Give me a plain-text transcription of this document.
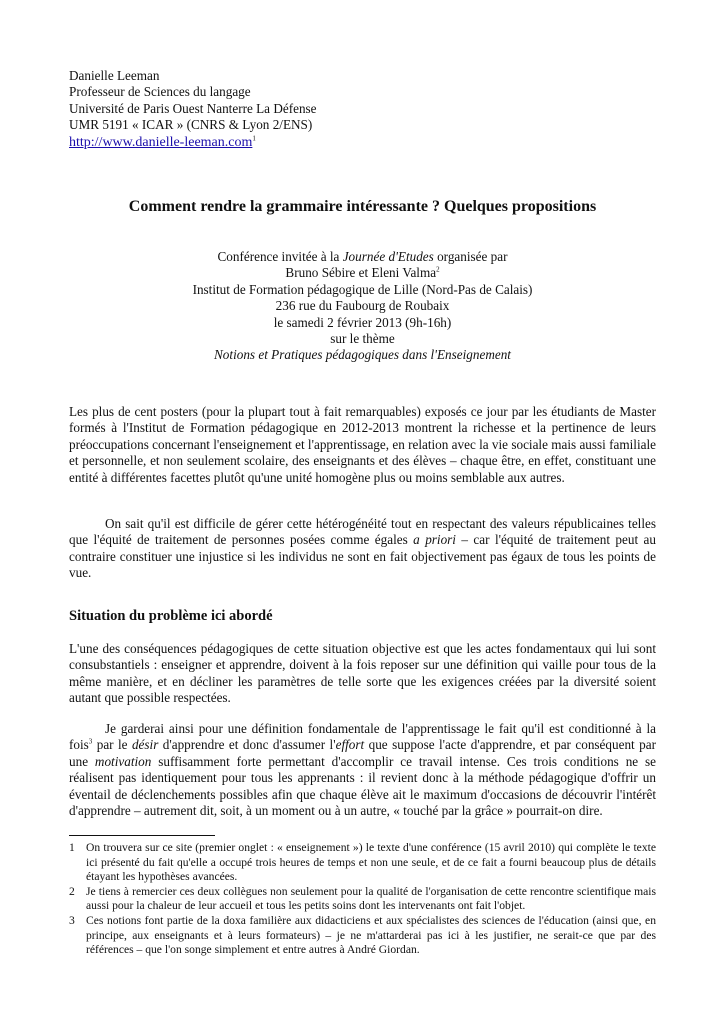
Danielle Leeman
Professeur de Sciences du langage
Université de Paris Ouest Nanterre La Défense
UMR 5191 « ICAR » (CNRS & Lyon 2/ENS)
http://www.danielle-leeman.com$^1$
Comment rendre la grammaire intéressante ? Quelques propositions
Conférence invitée à la Journée d'Etudes organisée par
Bruno Sébire et Eleni Valma$^2$
Institut de Formation pédagogique de Lille (Nord-Pas de Calais)
236 rue du Faubourg de Roubaix
le samedi 2 février 2013 (9h-16h)
sur le thème
Notions et Pratiques pédagogiques dans l'Enseignement
Les plus de cent posters (pour la plupart tout à fait remarquables) exposés ce jour par les étudiants de Master formés à l'Institut de Formation pédagogique en 2012-2013 montrent la richesse et la pertinence de leurs préoccupations concernant l'enseignement et l'apprentissage, en relation avec la vie sociale mais aussi familiale et personnelle, et non seulement scolaire, des enseignants et des élèves – chaque être, en effet, constituant une entité à différentes facettes plutôt qu'une unité homogène plus ou moins semblable aux autres.
On sait qu'il est difficile de gérer cette hétérogénéité tout en respectant des valeurs républicaines telles que l'équité de traitement de personnes posées comme égales a priori – car l'équité de traitement peut au contraire constituer une injustice si les individus ne sont en fait objectivement pas égaux de tous les points de vue.
Situation du problème ici abordé
L'une des conséquences pédagogiques de cette situation objective est que les actes fondamentaux qui lui sont consubstantiels : enseigner et apprendre, doivent à la fois reposer sur une définition qui vaille pour tous de la même manière, et en décliner les paramètres de telle sorte que les exigences créées par la diversité soient autant que possible respectées.
Je garderai ainsi pour une définition fondamentale de l'apprentissage le fait qu'il est conditionné à la fois$^3$ par le désir d'apprendre et donc d'assumer l'effort que suppose l'acte d'apprendre, et par conséquent par une motivation suffisamment forte permettant d'accomplir ce travail intense. Ces trois conditions ne se réalisent pas identiquement pour tous les apprenants : il revient donc à la méthode pédagogique d'offrir un éventail de déclenchements possibles afin que chaque élève ait le maximum d'occasions de découvrir l'intérêt d'apprendre – autrement dit, soit, à un moment ou à un autre, « touché par la grâce » pourrait-on dire.
1 On trouvera sur ce site (premier onglet : « enseignement ») le texte d'une conférence (15 avril 2010) qui complète le texte ici présenté du fait qu'elle a occupé trois heures de temps et non une seule, et de ce fait a fourni beaucoup plus de détails étayant les hypothèses avancées.
2 Je tiens à remercier ces deux collègues non seulement pour la qualité de l'organisation de cette rencontre scientifique mais aussi pour la chaleur de leur accueil et tous les petits soins dont les intervenants ont fait l'objet.
3 Ces notions font partie de la doxa familière aux didacticiens et aux spécialistes des sciences de l'éducation (ainsi que, en principe, aux enseignants et à leurs formateurs) – je ne m'attarderai pas ici à les justifier, ne serait-ce que par des références – que l'on songe simplement et entre autres à André Giordan.
